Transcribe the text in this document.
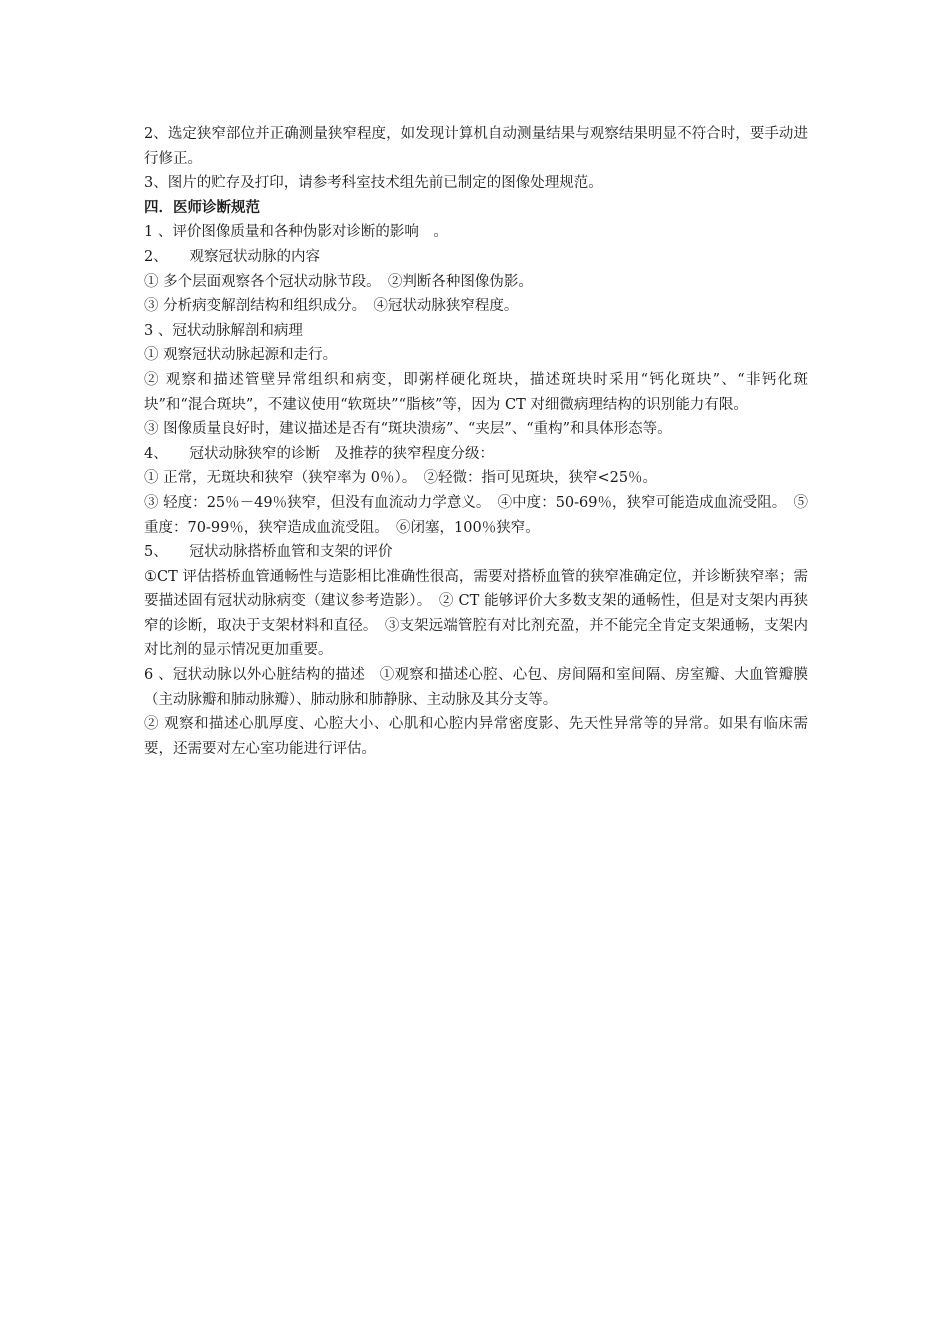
2、选定狭窄部位并正确测量狭窄程度，如发现计算机自动测量结果与观察结果明显不符合时，要手动进行修正。

3、图片的贮存及打印，请参考科室技术组先前已制定的图像处理规范。

四．医师诊断规范

1 、评价图像质量和各种伪影对诊断的影响　。

2、　　观察冠状动脉的内容

① 多个层面观察各个冠状动脉节段。　②判断各种图像伪影。

③ 分析病变解剖结构和组织成分。　④冠状动脉狭窄程度。

3 、冠状动脉解剖和病理

① 观察冠状动脉起源和走行。

② 观察和描述管壁异常组织和病变，即粥样硬化斑块，描述斑块时采用“钙化斑块”、“非钙化斑块”和“混合斑块”，不建议使用“软斑块”“脂核”等，因为 CT 对细微病理结构的识别能力有限。

③ 图像质量良好时，建议描述是否有“斑块溃疡”、“夹层”、“重构”和具体形态等。

4、　　冠状动脉狭窄的诊断　及推荐的狭窄程度分级：

① 正常，无斑块和狭窄（狭窄率为 0％）。　②轻微：指可见斑块，狭窄<25％。

③ 轻度：25％－49％狭窄，但没有血流动力学意义。　④中度：50-69％，狭窄可能造成血流受阻。　⑤重度：70-99％，狭窄造成血流受阻。　⑥闭塞，100％狭窄。

5、　　冠状动脉搭桥血管和支架的评价

①CT 评估搭桥血管通畅性与造影相比准确性很高，需要对搭桥血管的狭窄准确定位，并诊断狭窄率；需要描述固有冠状动脉病变（建议参考造影）。　② CT 能够评价大多数支架的通畅性，但是对支架内再狭窄的诊断，取决于支架材料和直径。　③支架远端管腔有对比剂充盈，并不能完全肯定支架通畅，支架内对比剂的显示情况更加重要。

6 、冠状动脉以外心脏结构的描述　①观察和描述心腔、心包、房间隔和室间隔、房室瓣、大血管瓣膜（主动脉瓣和肺动脉瓣）、肺动脉和肺静脉、主动脉及其分支等。

② 观察和描述心肌厚度、心腔大小、心肌和心腔内异常密度影、先天性异常等的异常。如果有临床需要，还需要对左心室功能进行评估。
